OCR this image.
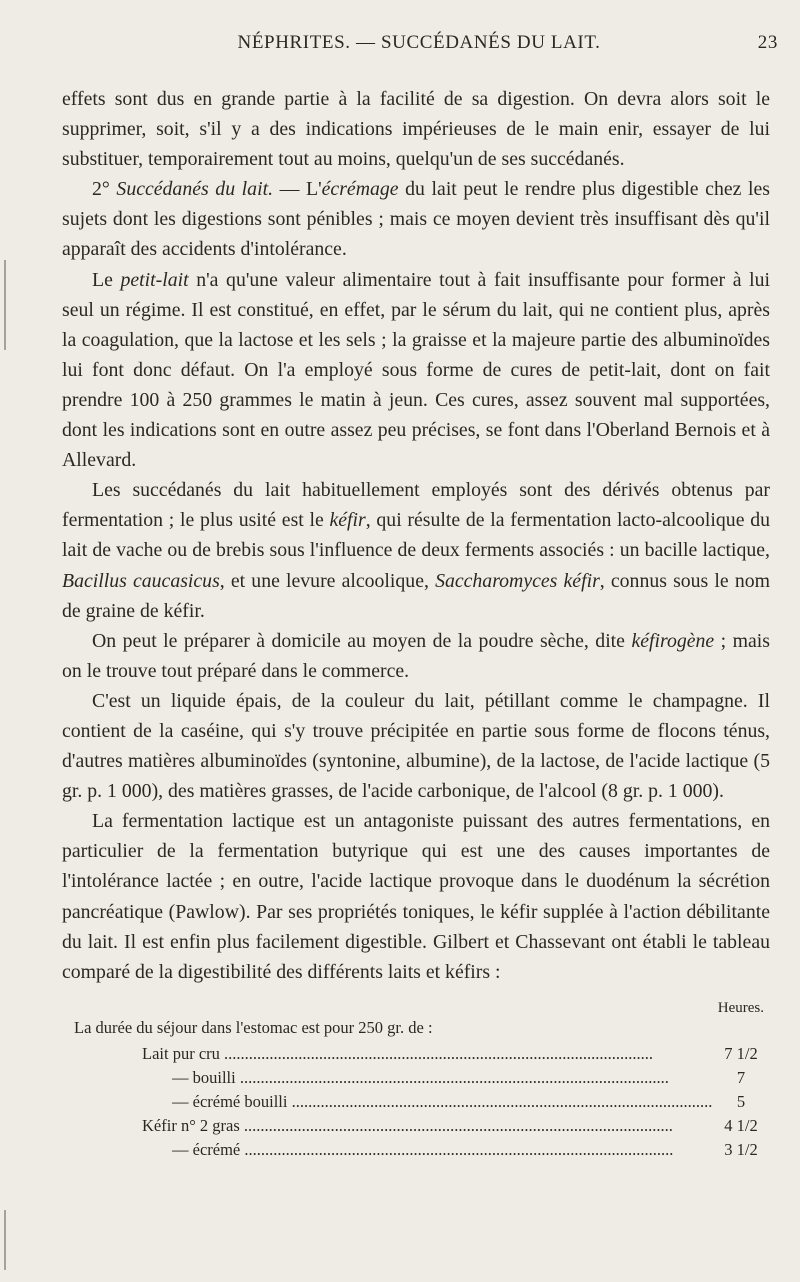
NÉPHRITES. — SUCCÉDANÉS DU LAIT.	23

effets sont dus en grande partie à la facilité de sa digestion. On devra alors soit le supprimer, soit, s'il y a des indications impérieuses de le main enir, essayer de lui substituer, temporairement tout au moins, quelqu'un de ses succédanés.

2° Succédanés du lait. — L'écrémage du lait peut le rendre plus digestible chez les sujets dont les digestions sont pénibles ; mais ce moyen devient très insuffisant dès qu'il apparaît des accidents d'intolérance.

Le petit-lait n'a qu'une valeur alimentaire tout à fait insuffisante pour former à lui seul un régime. Il est constitué, en effet, par le sérum du lait, qui ne contient plus, après la coagulation, que la lactose et les sels ; la graisse et la majeure partie des albuminoïdes lui font donc défaut. On l'a employé sous forme de cures de petit-lait, dont on fait prendre 100 à 250 grammes le matin à jeun. Ces cures, assez souvent mal supportées, dont les indications sont en outre assez peu précises, se font dans l'Oberland Bernois et à Allevard.

Les succédanés du lait habituellement employés sont des dérivés obtenus par fermentation ; le plus usité est le kéfir, qui résulte de la fermentation lacto-alcoolique du lait de vache ou de brebis sous l'influence de deux ferments associés : un bacille lactique, Bacillus caucasicus, et une levure alcoolique, Saccharomyces kéfir, connus sous le nom de graine de kéfir.

On peut le préparer à domicile au moyen de la poudre sèche, dite kéfirogène ; mais on le trouve tout préparé dans le commerce.

C'est un liquide épais, de la couleur du lait, pétillant comme le champagne. Il contient de la caséine, qui s'y trouve précipitée en partie sous forme de flocons ténus, d'autres matières albuminoïdes (syntonine, albumine), de la lactose, de l'acide lactique (5 gr. p. 1 000), des matières grasses, de l'acide carbonique, de l'alcool (8 gr. p. 1 000).

La fermentation lactique est un antagoniste puissant des autres fermentations, en particulier de la fermentation butyrique qui est une des causes importantes de l'intolérance lactée ; en outre, l'acide lactique provoque dans le duodénum la sécrétion pancréatique (Pawlow). Par ses propriétés toniques, le kéfir supplée à l'action débilitante du lait. Il est enfin plus facilement digestible. Gilbert et Chassevant ont établi le tableau comparé de la digestibilité des différents laits et kéfirs :

Heures.
La durée du séjour dans l'estomac est pour 250 gr. de :
Lait pur cru .....	7 1/2
— bouilli .....	7
— écrémé bouilli .....	5
Kéfir n° 2 gras .....	4 1/2
— écrémé .....	3 1/2
